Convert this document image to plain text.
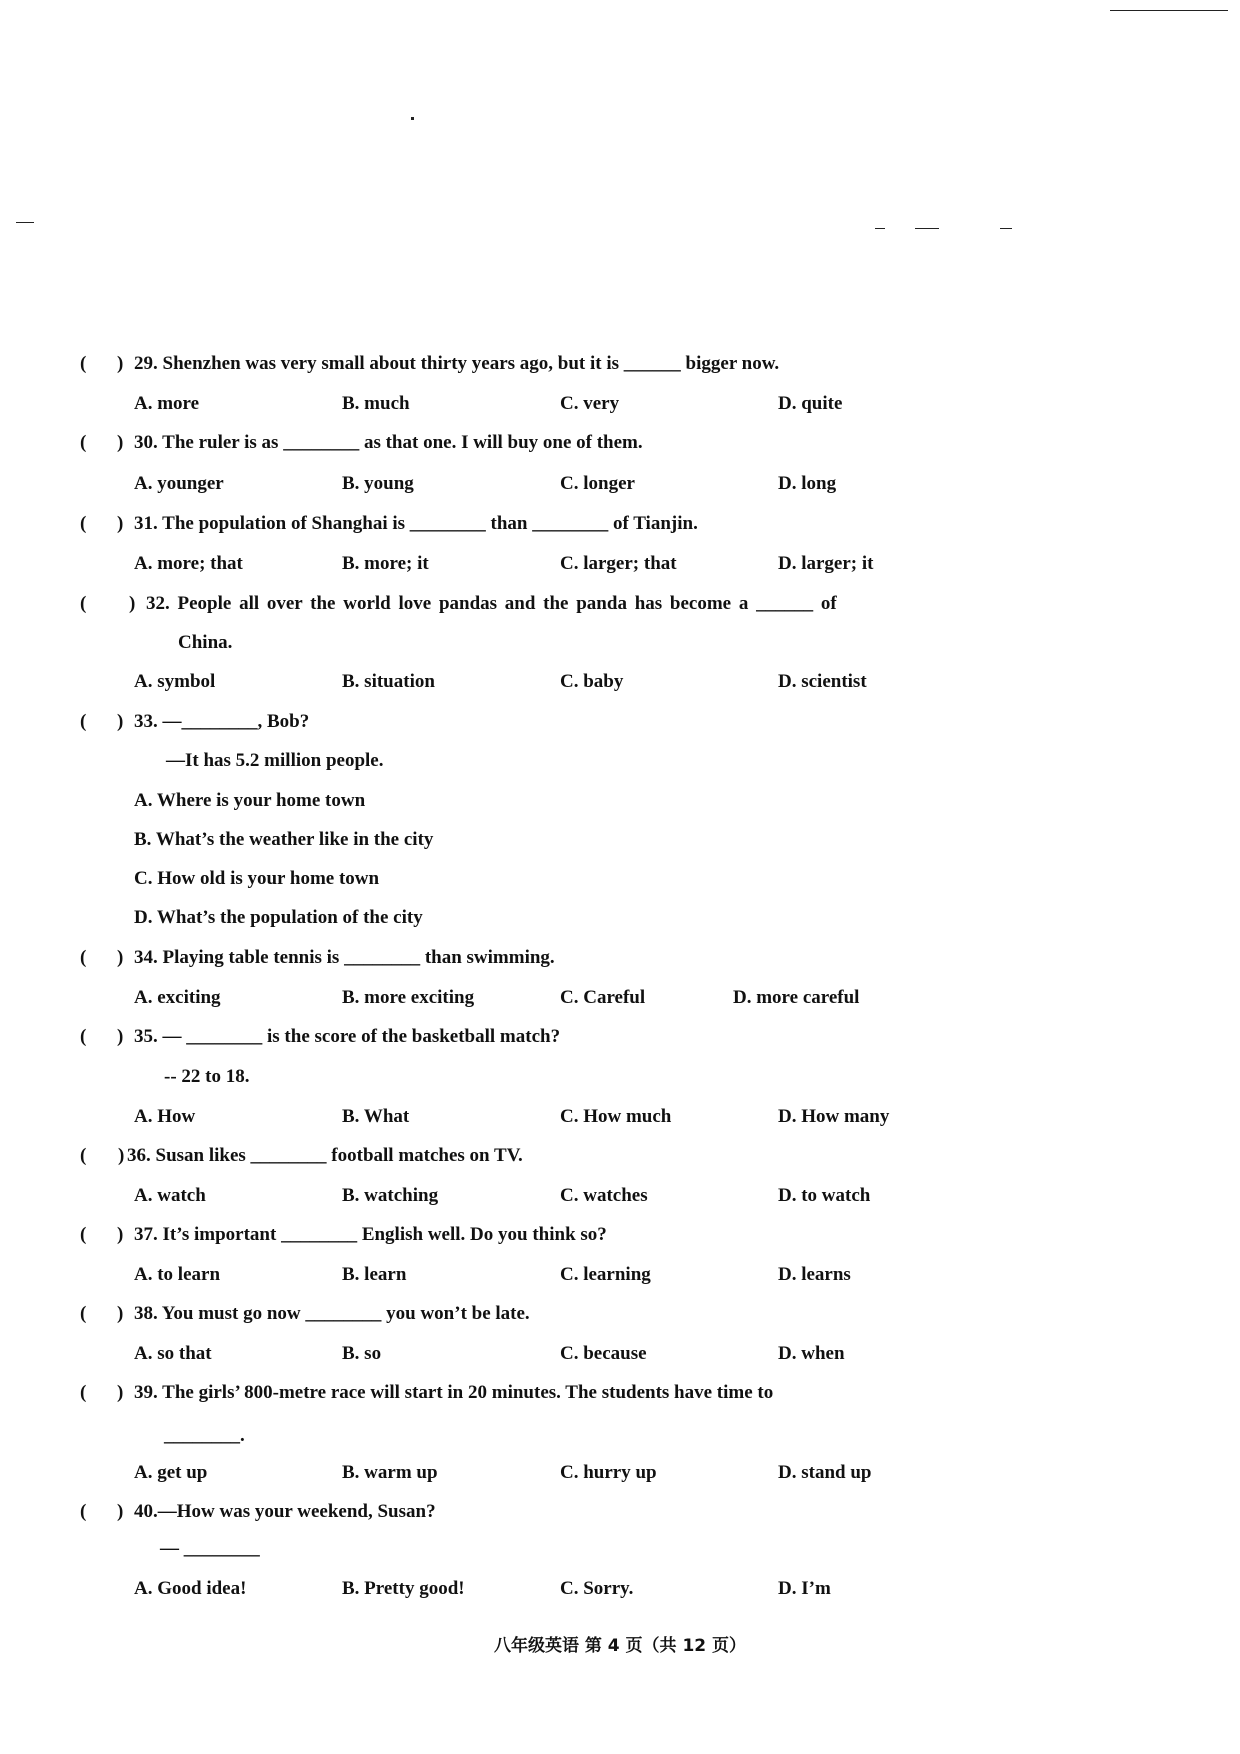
( ) 29. Shenzhen was very small about thirty years ago, but it is ______ bigger now.
A. more	B. much	C. very	D. quite
( ) 30. The ruler is as ________ as that one. I will buy one of them.
A. younger	B. young	C. longer	D. long
( ) 31. The population of Shanghai is ________ than ________ of Tianjin.
A. more; that	B. more; it	C. larger; that	D. larger; it
( ) 32. People all over the world love pandas and the panda has become a ______ of
China.
A. symbol	B. situation	C. baby	D. scientist
( ) 33. —________, Bob?
—It has 5.2 million people.
A. Where is your home town
B. What’s the weather like in the city
C. How old is your home town
D. What’s the population of the city
( ) 34. Playing table tennis is ________ than swimming.
A. exciting	B. more exciting	C. Careful	D. more careful
( ) 35. — ________ is the score of the basketball match?
-- 22 to 18.
A. How	B. What	C. How much	D. How many
( ) 36. Susan likes ________ football matches on TV.
A. watch	B. watching	C. watches	D. to watch
( ) 37. It’s important ________ English well. Do you think so?
A. to learn	B. learn	C. learning	D. learns
( ) 38. You must go now ________ you won’t be late.
A. so that	B. so	C. because	D. when
( ) 39. The girls’ 800-metre race will start in 20 minutes. The students have time to
________.
A. get up	B. warm up	C. hurry up	D. stand up
( ) 40.—How was your weekend, Susan?
— ________
A. Good idea!	B. Pretty good!	C. Sorry.	D. I’m
八年级英语 第 4 页（共 12 页）
